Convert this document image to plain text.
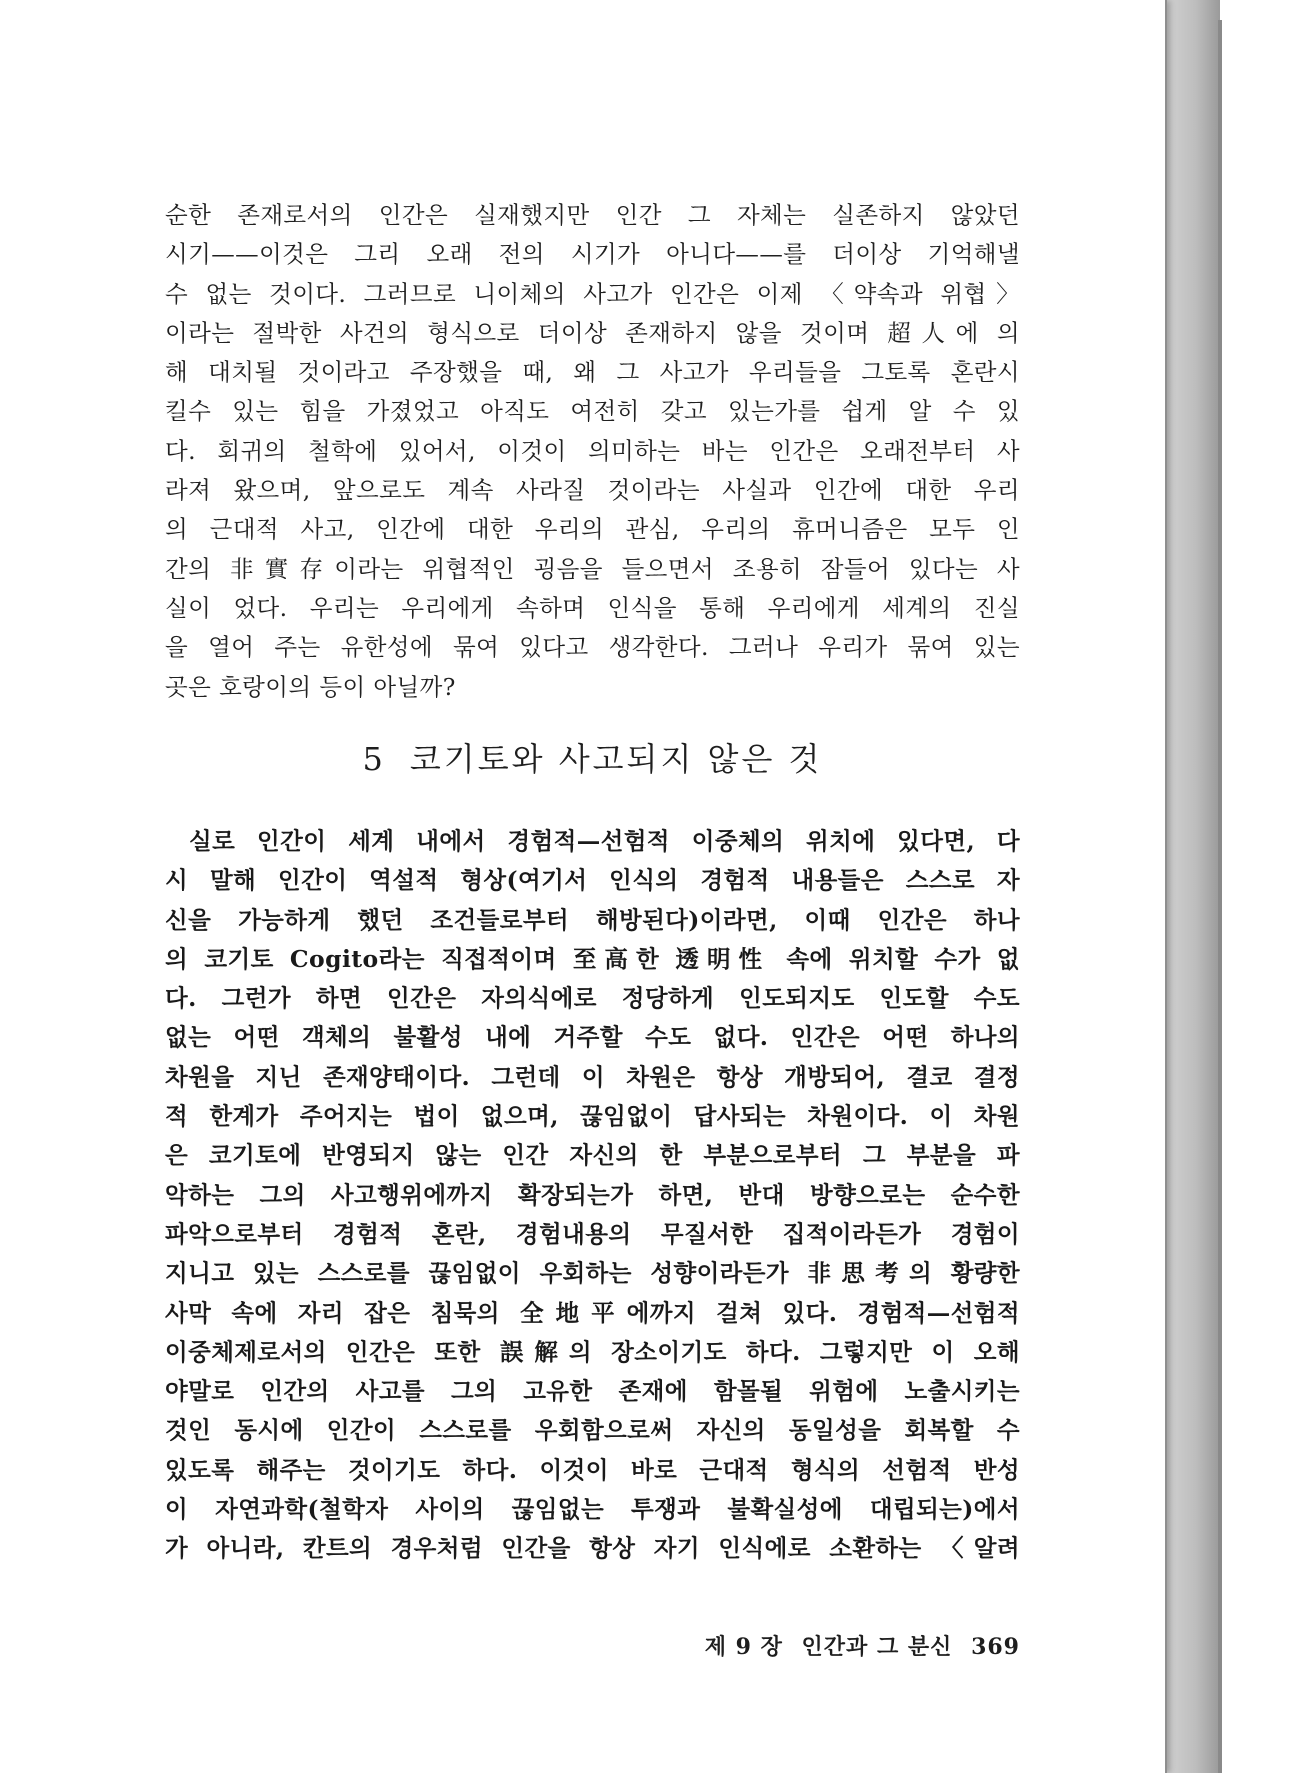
순한 존재로서의 인간은 실재했지만 인간 그 자체는 실존하지 않았던
시기——이것은 그리 오래 전의 시기가 아니다——를 더이상 기억해낼
수 없는 것이다. 그러므로 니이체의 사고가 인간은 이제 〈약속과 위협〉
이라는 절박한 사건의 형식으로 더이상 존재하지 않을 것이며 超人에 의
해 대치될 것이라고 주장했을 때, 왜 그 사고가 우리들을 그토록 혼란시
킬수 있는 힘을 가졌었고 아직도 여전히 갖고 있는가를 쉽게 알 수 있
다. 회귀의 철학에 있어서, 이것이 의미하는 바는 인간은 오래전부터 사
라져 왔으며, 앞으로도 계속 사라질 것이라는 사실과 인간에 대한 우리
의 근대적 사고, 인간에 대한 우리의 관심, 우리의 휴머니즘은 모두 인
간의 非實存이라는 위협적인 굉음을 들으면서 조용히 잠들어 있다는 사
실이 었다. 우리는 우리에게 속하며 인식을 통해 우리에게 세계의 진실
을 열어 주는 유한성에 묶여 있다고 생각한다. 그러나 우리가 묶여 있는
곳은 호랑이의 등이 아닐까?
5 코기토와 사고되지 않은 것
실로 인간이 세계 내에서 경험적—선험적 이중체의 위치에 있다면, 다
시 말해 인간이 역설적 형상(여기서 인식의 경험적 내용들은 스스로 자
신을 가능하게 했던 조건들로부터 해방된다)이라면, 이때 인간은 하나
의 코기토 Cogito라는 직접적이며 至高한 透明性 속에 위치할 수가 없
다. 그런가 하면 인간은 자의식에로 정당하게 인도되지도 인도할 수도
없는 어떤 객체의 불활성 내에 거주할 수도 없다. 인간은 어떤 하나의
차원을 지닌 존재양태이다. 그런데 이 차원은 항상 개방되어, 결코 결정
적 한계가 주어지는 법이 없으며, 끊임없이 답사되는 차원이다. 이 차원
은 코기토에 반영되지 않는 인간 자신의 한 부분으로부터 그 부분을 파
악하는 그의 사고행위에까지 확장되는가 하면, 반대 방향으로는 순수한
파악으로부터 경험적 혼란, 경험내용의 무질서한 집적이라든가 경험이
지니고 있는 스스로를 끊임없이 우회하는 성향이라든가 非思考의 황량한
사막 속에 자리 잡은 침묵의 全地平에까지 걸쳐 있다. 경험적—선험적
이중체제로서의 인간은 또한 誤解의 장소이기도 하다. 그렇지만 이 오해
야말로 인간의 사고를 그의 고유한 존재에 함몰될 위험에 노출시키는
것인 동시에 인간이 스스로를 우회함으로써 자신의 동일성을 회복할 수
있도록 해주는 것이기도 하다. 이것이 바로 근대적 형식의 선험적 반성
이 자연과학(철학자 사이의 끊임없는 투쟁과 불확실성에 대립되는)에서
가 아니라, 칸트의 경우처럼 인간을 항상 자기 인식에로 소환하는 〈알려
제 9 장 인간과 그 분신 369
